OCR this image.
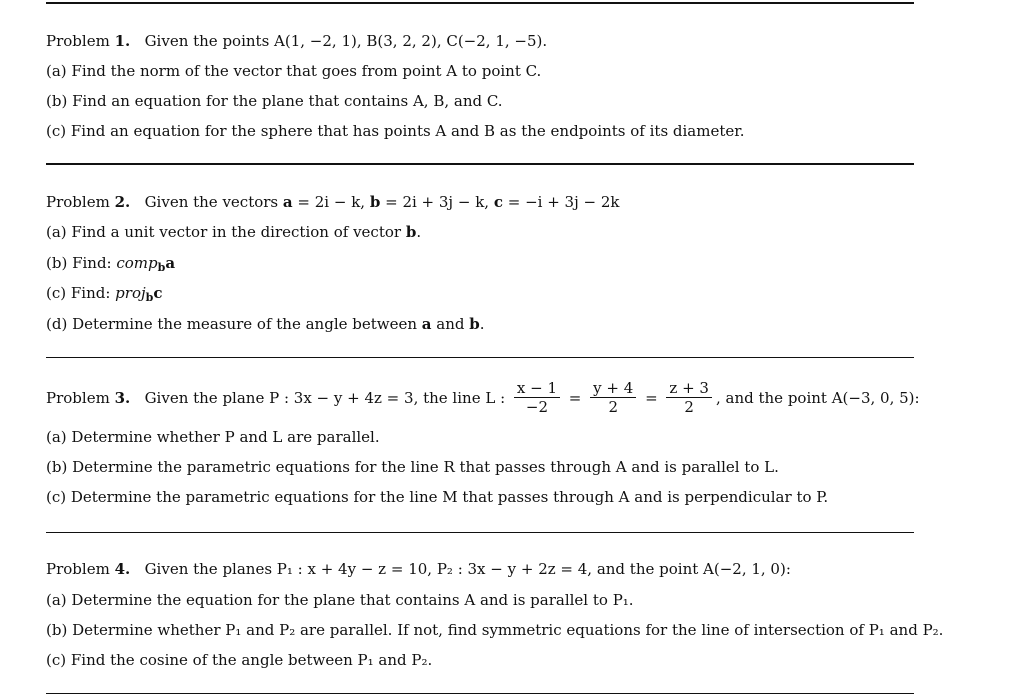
Problem 1. Given the points A(1, −2, 1), B(3, 2, 2), C(−2, 1, −5).
(a) Find the norm of the vector that goes from point A to point C.
(b) Find an equation for the plane that contains A, B, and C.
(c) Find an equation for the sphere that has points A and B as the endpoints of its diameter.
Problem 2. Given the vectors a = 2i − k, b = 2i + 3j − k, c = −i + 3j − 2k
(a) Find a unit vector in the direction of vector b.
(b) Find: comp$_b$a
(c) Find: proj$_b$c
(d) Determine the measure of the angle between a and b.
Problem 3. Given the plane P : 3x − y + 4z = 3, the line L : $\frac{x - 1}{-2} = \frac{y + 4}{2} = \frac{z + 3}{2}$ , and the point A(−3, 0, 5):
(a) Determine whether P and L are parallel.
(b) Determine the parametric equations for the line R that passes through A and is parallel to L.
(c) Determine the parametric equations for the line M that passes through A and is perpendicular to P.
Problem 4. Given the planes P₁ : x + 4y − z = 10, P₂ : 3x − y + 2z = 4, and the point A(−2, 1, 0):
(a) Determine the equation for the plane that contains A and is parallel to P₁.
(b) Determine whether P₁ and P₂ are parallel. If not, find symmetric equations for the line of intersection of P₁ and P₂.
(c) Find the cosine of the angle between P₁ and P₂.
